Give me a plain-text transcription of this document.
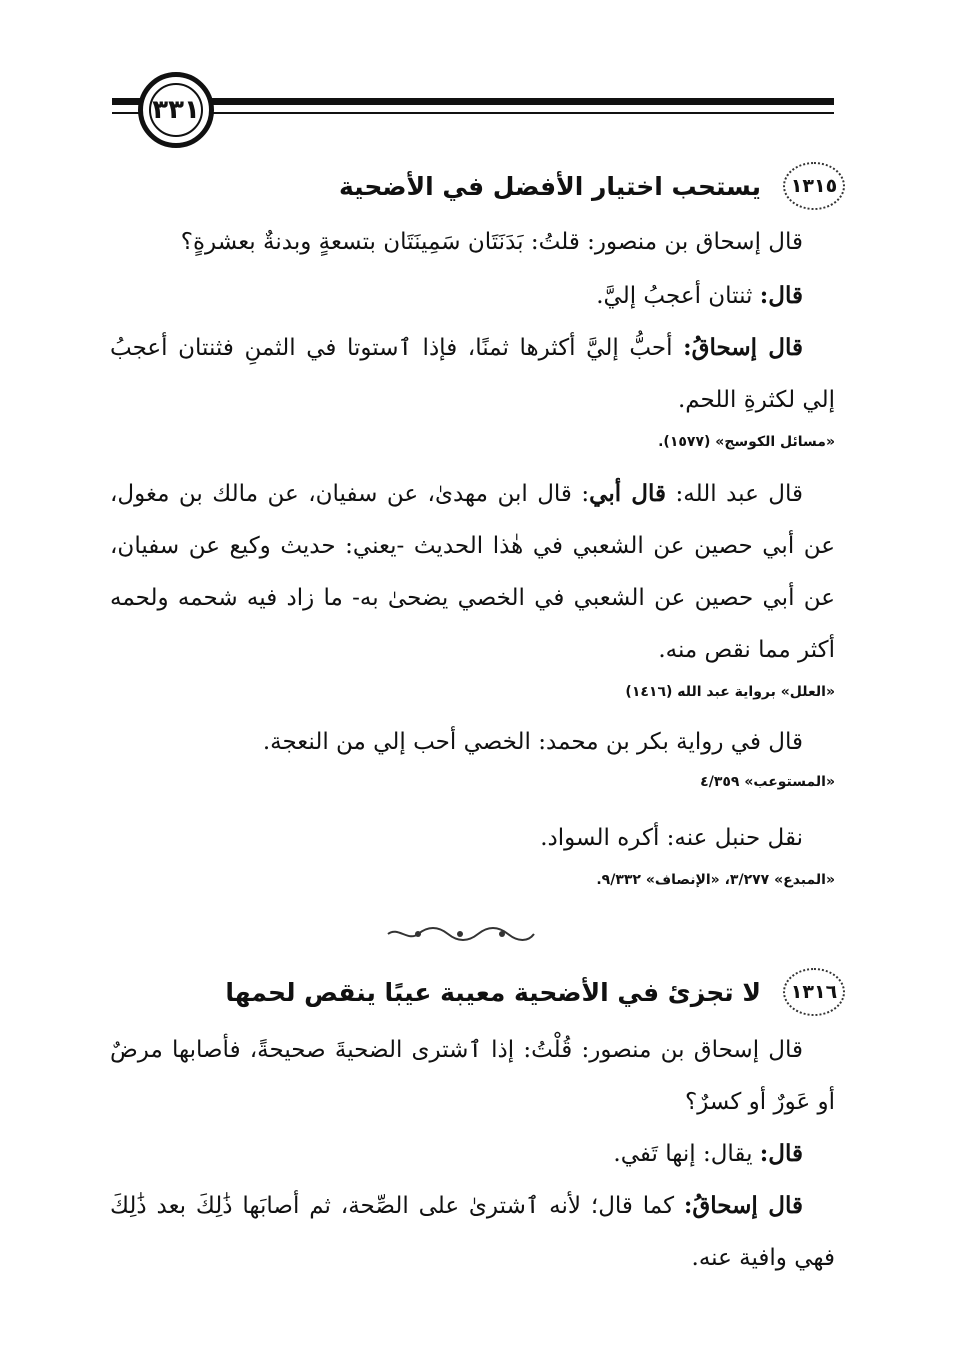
٣٣١
١٣١٥
يستحب اختيار الأفضل في الأضحية
قال إسحاق بن منصور: قلتُ: بَدَنَتَان سَمِينَتَان بتسعةٍ وبدنةٌ بعشرةٍ؟
قال: ثنتان أعجبُ إليَّ.
قال إسحاقُ: أحبُّ إليَّ أكثرها ثمنًا، فإذا ٱستوتا في الثمنِ فثنتان أعجبُ إلي لكثرةِ اللحم.
«مسائل الكوسج» (١٥٧٧).
قال عبد الله: قال أبي: قال ابن مهدىٰ، عن سفيان، عن مالك بن مغول، عن أبي حصين عن الشعبي في هٰذا الحديث -يعني: حديث وكيع عن سفيان، عن أبي حصين عن الشعبي في الخصي يضحىٰ به- ما زاد فيه شحمه ولحمه أكثر مما نقص منه.
«العلل» برواية عبد الله (١٤١٦)
قال في رواية بكر بن محمد: الخصي أحب إلي من النعجة.
«المستوعب» ٤/٣٥٩
نقل حنبل عنه: أكره السواد.
«المبدع» ٣/٢٧٧، «الإنصاف» ٩/٣٣٢.
١٣١٦
لا تجزئ في الأضحية معيبة عيبًا ينقص لحمها
قال إسحاق بن منصور: قُلْتُ: إذا ٱشترى الضحيةَ صحيحةً، فأصابها مرضٌ أو عَورٌ أو كسرٌ؟
قال: يقال: إنها تَفي.
قال إسحاقُ: كما قال؛ لأنه ٱشترىٰ على الصِّحة، ثم أصابَها ذَٰلِكَ بعد ذَٰلِكَ فهي وافية عنه.
